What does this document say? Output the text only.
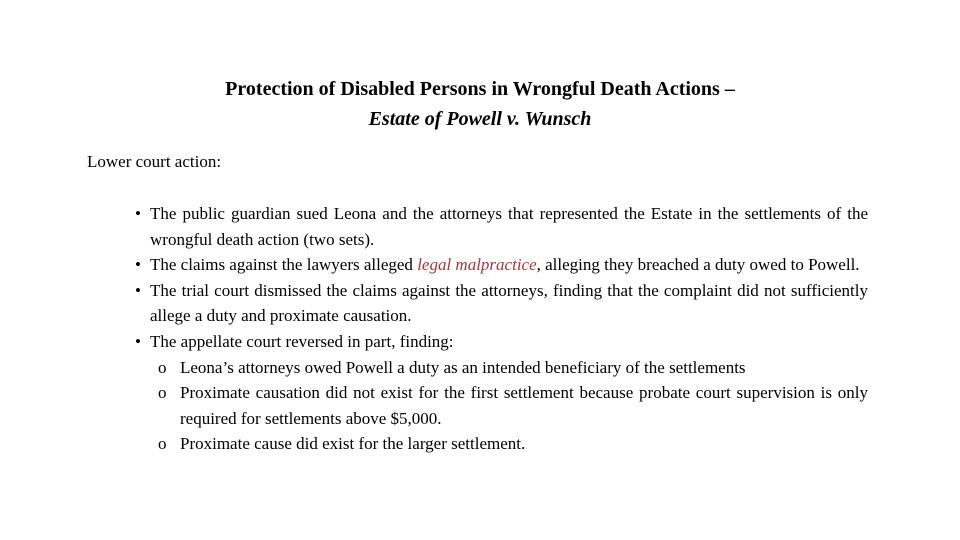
Protection of Disabled Persons in Wrongful Death Actions –
Estate of Powell v. Wunsch
Lower court action:
• The public guardian sued Leona and the attorneys that represented the Estate in the settlements of the wrongful death action (two sets).
• The claims against the lawyers alleged legal malpractice, alleging they breached a duty owed to Powell.
• The trial court dismissed the claims against the attorneys, finding that the complaint did not sufficiently allege a duty and proximate causation.
• The appellate court reversed in part, finding:
o Leona’s attorneys owed Powell a duty as an intended beneficiary of the settlements
o Proximate causation did not exist for the first settlement because probate court supervision is only required for settlements above $5,000.
o Proximate cause did exist for the larger settlement.
